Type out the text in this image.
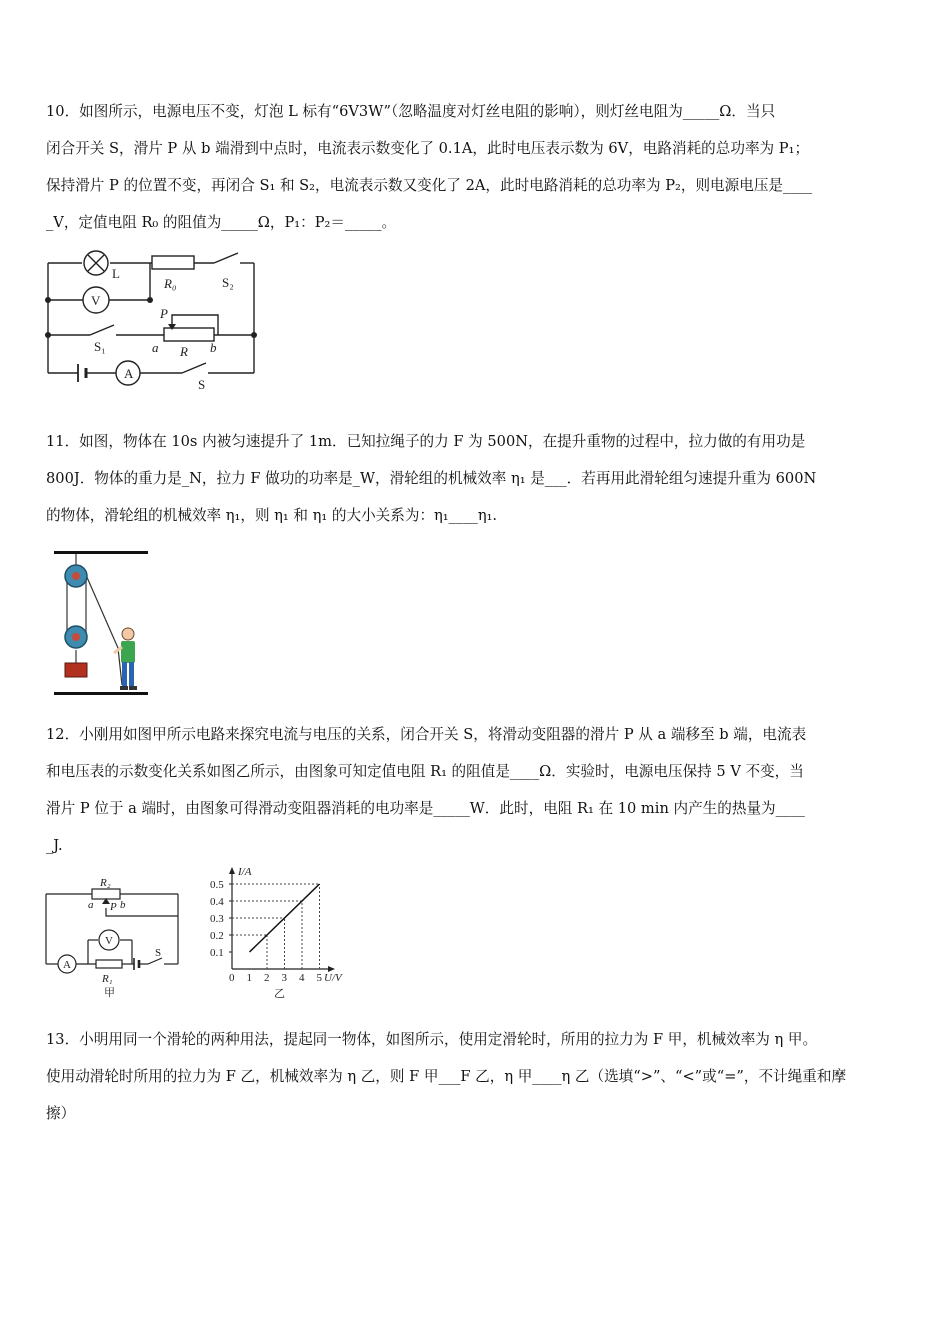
10．如图所示，电源电压不变，灯泡 L 标有“6V3W”（忽略温度对灯丝电阻的影响），则灯丝电阻为_____Ω．当只

闭合开关 S，滑片 P 从 b 端滑到中点时，电流表示数变化了 0.1A，此时电压表示数为 6V，电路消耗的总功率为 P₁；

保持滑片 P 的位置不变，再闭合 S₁ 和 S₂，电流表示数又变化了 2A，此时电路消耗的总功率为 P₂，则电源电压是____

_V，定值电阻 R₀ 的阻值为_____Ω，P₁：P₂＝_____。

L
V
R₀	S₂
P
a R b
S₁
A
S

11．如图，物体在 10s 内被匀速提升了 1m．已知拉绳子的力 F 为 500N，在提升重物的过程中，拉力做的有用功是

800J．物体的重力是_N，拉力 F 做功的功率是_W，滑轮组的机械效率 η₁ 是___．若再用此滑轮组匀速提升重为 600N

的物体，滑轮组的机械效率 η₁，则 η₁ 和 η₁ 的大小关系为：η₁____η₁.

12．小刚用如图甲所示电路来探究电流与电压的关系，闭合开关 S，将滑动变阻器的滑片 P 从 a 端移至 b 端，电流表

和电压表的示数变化关系如图乙所示，由图象可知定值电阻 R₁ 的阻值是____Ω．实验时，电源电压保持 5 V 不变，当

滑片 P 位于 a 端时，由图象可得滑动变阻器消耗的电功率是_____W．此时，电阻 R₁ 在 10 min 内产生的热量为____

_J.

R₂
a P b
V
S
A
R₁
甲
0 1 2 3 4 5
0.5
0.4
0.3
0.2
0.1
I/A
U/V
乙

13．小明用同一个滑轮的两种用法，提起同一物体，如图所示，使用定滑轮时，所用的拉力为 F 甲，机械效率为 η 甲。

使用动滑轮时所用的拉力为 F 乙，机械效率为 η 乙，则 F 甲___F 乙，η 甲____η 乙（选填“>”、“<”或“=”，不计绳重和摩

擦）
